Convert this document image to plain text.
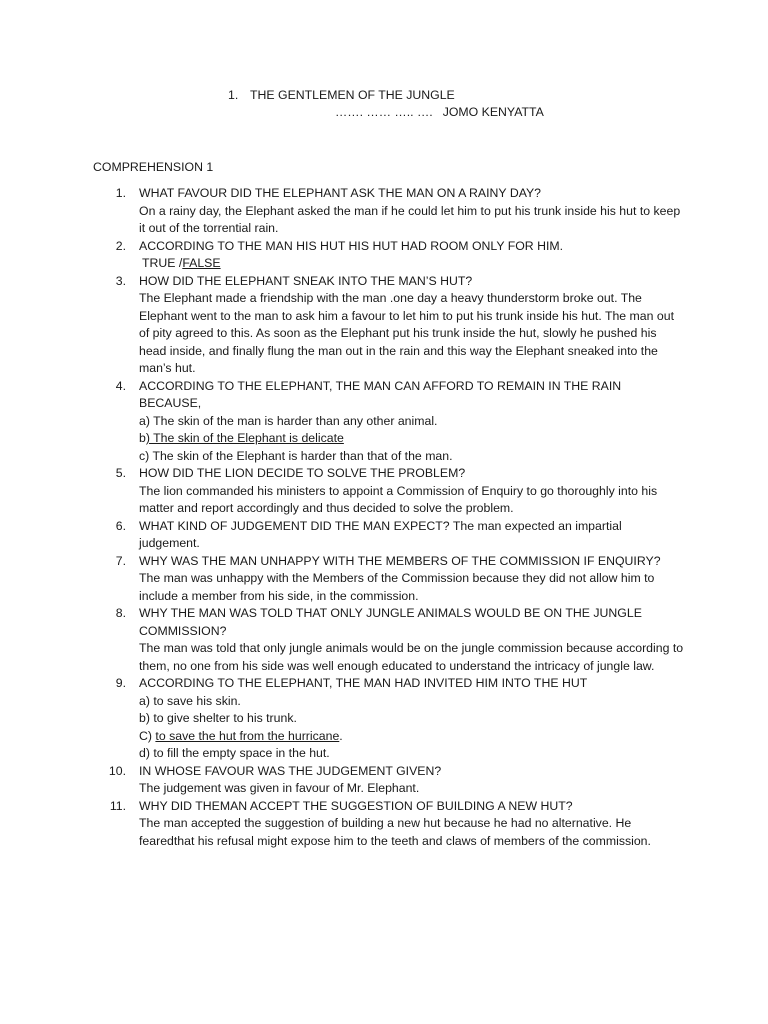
1. THE GENTLEMEN OF THE JUNGLE
……. …… ….. …. JOMO KENYATTA
COMPREHENSION 1
1. WHAT FAVOUR DID THE ELEPHANT ASK THE MAN ON A RAINY DAY?
On a rainy day, the Elephant asked the man if he could let him to put his trunk inside his hut to keep it out of the torrential rain.
2. ACCORDING TO THE MAN HIS HUT HIS HUT HAD ROOM ONLY FOR HIM.
TRUE /FALSE
3. HOW DID THE ELEPHANT SNEAK INTO THE MAN’S HUT?
The Elephant made a friendship with the man .one day a heavy thunderstorm broke out. The Elephant went to the man to ask him a favour to let him to put his trunk inside his hut. The man out of pity agreed to this. As soon as the Elephant put his trunk inside the hut, slowly he pushed his head inside, and finally flung the man out in the rain and this way the Elephant sneaked into the man’s hut.
4. ACCORDING TO THE ELEPHANT, THE MAN CAN AFFORD TO REMAIN IN THE RAIN BECAUSE,
a) The skin of the man is harder than any other animal.
b) The skin of the Elephant is delicate
c) The skin of the Elephant is harder than that of the man.
5. HOW DID THE LION DECIDE TO SOLVE THE PROBLEM?
The lion commanded his ministers to appoint a Commission of Enquiry to go thoroughly into his matter and report accordingly and thus decided to solve the problem.
6. WHAT KIND OF JUDGEMENT DID THE MAN EXPECT? The man expected an impartial judgement.
7. WHY WAS THE MAN UNHAPPY WITH THE MEMBERS OF THE COMMISSION IF ENQUIRY? The man was unhappy with the Members of the Commission because they did not allow him to include a member from his side, in the commission.
8. WHY THE MAN WAS TOLD THAT ONLY JUNGLE ANIMALS WOULD BE ON THE JUNGLE COMMISSION?
The man was told that only jungle animals would be on the jungle commission because according to them, no one from his side was well enough educated to understand the intricacy of jungle law.
9. ACCORDING TO THE ELEPHANT, THE MAN HAD INVITED HIM INTO THE HUT
a) to save his skin.
b) to give shelter to his trunk.
C) to save the hut from the hurricane.
d) to fill the empty space in the hut.
10. IN WHOSE FAVOUR WAS THE JUDGEMENT GIVEN?
The judgement was given in favour of Mr. Elephant.
11. WHY DID THEMAN ACCEPT THE SUGGESTION OF BUILDING A NEW HUT?
The man accepted the suggestion of building a new hut because he had no alternative. He fearedthat his refusal might expose him to the teeth and claws of members of the commission.
